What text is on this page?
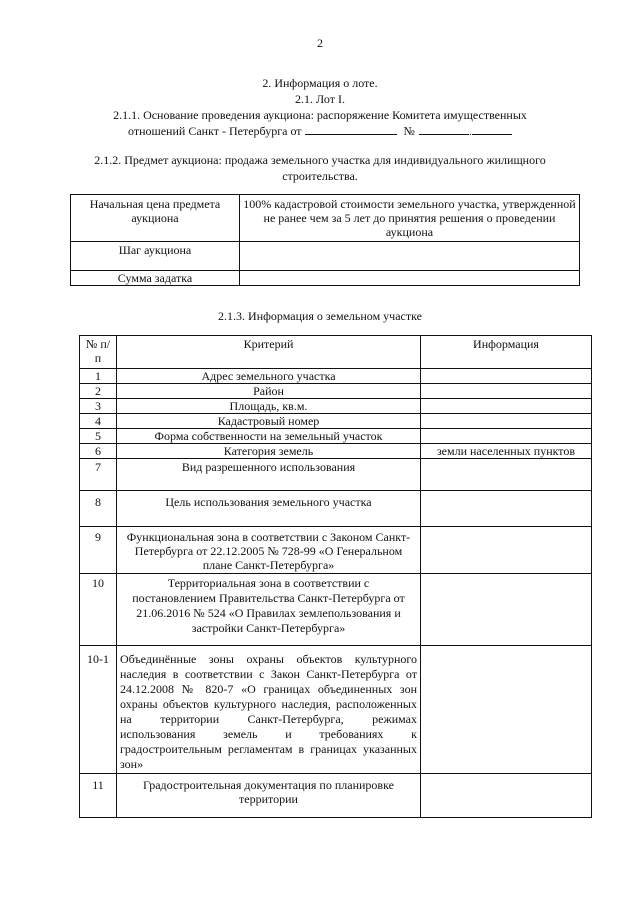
2
2. Информация о лоте.
2.1. Лот I.
2.1.1. Основание проведения аукциона: распоряжение Комитета имущественных
отношений Санкт - Петербурга от	№	.
2.1.2. Предмет аукциона: продажа земельного участка для индивидуального жилищного
строительства.
Начальная цена предмета аукциона	100% кадастровой стоимости земельного участка, утвержденной не ранее чем за 5 лет до принятия решения о проведении аукциона
Шаг аукциона	
Сумма задатка	
2.1.3. Информация о земельном участке
№ п/п	Критерий	Информация
1	Адрес земельного участка	
2	Район	
3	Площадь, кв.м.	
4	Кадастровый номер	
5	Форма собственности на земельный участок	
6	Категория земель	земли населенных пунктов
7	Вид разрешенного использования	
8	Цель использования земельного участка	
9	Функциональная зона в соответствии с Законом Санкт-Петербурга от 22.12.2005 № 728-99 «О Генеральном плане Санкт-Петербурга»	
10	Территориальная зона в соответствии с постановлением Правительства Санкт-Петербурга от 21.06.2016 № 524 «О Правилах землепользования и застройки Санкт-Петербурга»	
10-1	Объединённые зоны охраны объектов культурного наследия в соответствии с Закон Санкт-Петербурга от 24.12.2008 № 820-7 «О границах объединенных зон охраны объектов культурного наследия, расположенных на территории Санкт-Петербурга, режимах использования земель и требованиях к градостроительным регламентам в границах указанных зон»	
11	Градостроительная документация по планировке территории	
